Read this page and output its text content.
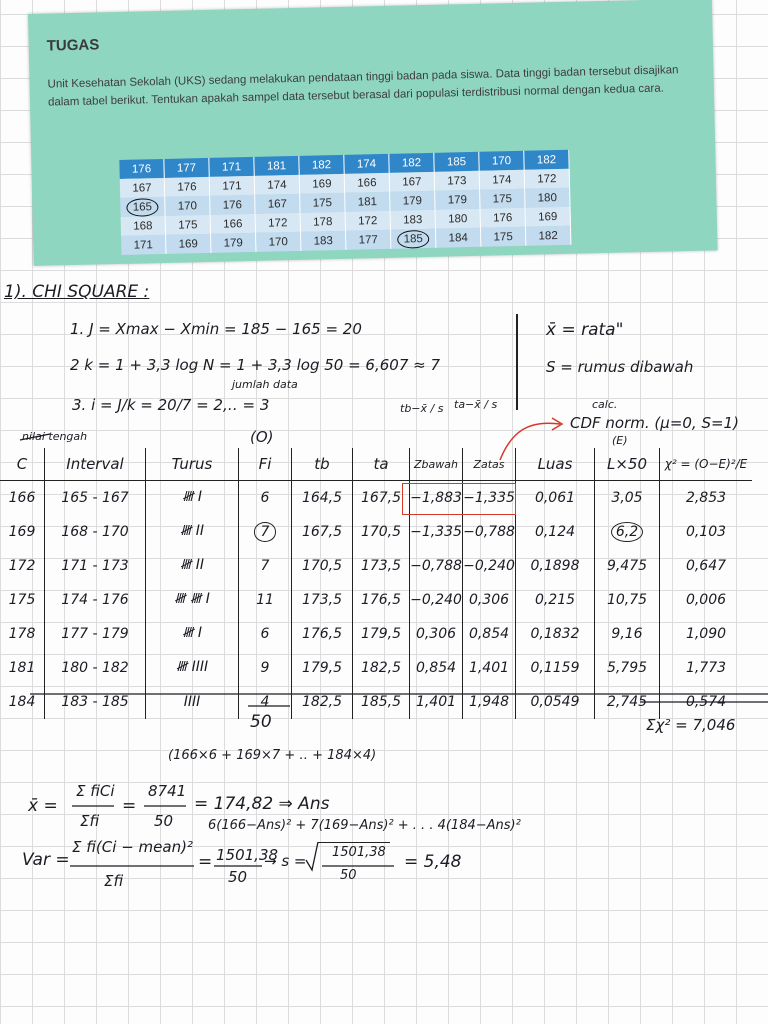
TUGAS
Unit Kesehatan Sekolah (UKS) sedang melakukan pendataan tinggi badan pada siswa. Data tinggi badan tersebut disajikan dalam tabel berikut. Tentukan apakah sampel data tersebut berasal dari populasi terdistribusi normal dengan kedua cara.
176	177	171	181	182	174	182	185	170	182
167	176	171	174	169	166	167	173	174	172
165	170	176	167	175	181	179	179	175	180
168	175	166	172	178	172	183	180	176	169
171	169	179	170	183	177	185	184	175	182
1). CHI SQUARE :
1. J = Xmax − Xmin = 185 − 165 = 20
2 k = 1 + 3,3 log N = 1 + 3,3 log 50 = 6,607 ≈ 7
jumlah data
3. i = J/k = 20/7 = 2,‥ = 3
x̄ = rata"
S = rumus dibawah
calc.
CDF norm. (μ=0, S=1)
(E)
tb−x̄ / s ta−x̄ / s
nilai tengah	(O)
C	Interval	Turus	Fi	tb	ta	Zbawah	Zatas	Luas	L×50	χ² = (O−E)²/E
166	165 - 167	𝍸 I	6	164,5	167,5	−1,883	−1,335	0,061	3,05	2,853
169	168 - 170	𝍸 II	7	167,5	170,5	−1,335	−0,788	0,124	6,2	0,103
172	171 - 173	𝍸 II	7	170,5	173,5	−0,788	−0,240	0,1898	9,475	0,647
175	174 - 176	𝍸 𝍸 I	11	173,5	176,5	−0,240	0,306	0,215	10,75	0,006
178	177 - 179	𝍸 I	6	176,5	179,5	0,306	0,854	0,1832	9,16	1,090
181	180 - 182	𝍸 IIII	9	179,5	182,5	0,854	1,401	0,1159	5,795	1,773
184	183 - 185	IIII	4	182,5	185,5	1,401	1,948	0,0549	2,745	0,574
50	Σχ² = 7,046
(166×6 + 169×7 + ‥ + 184×4)
x̄ =
Σ fiCi
Σfi
=
8741
50
= 174,82 ⇒ Ans
6(166−Ans)² + 7(169−Ans)² + . . . 4(184−Ans)²
Var =
Σ fi(Ci − mean)²
Σfi
= 1501,38
50
→ s =	1501,38
50
= 5,48
